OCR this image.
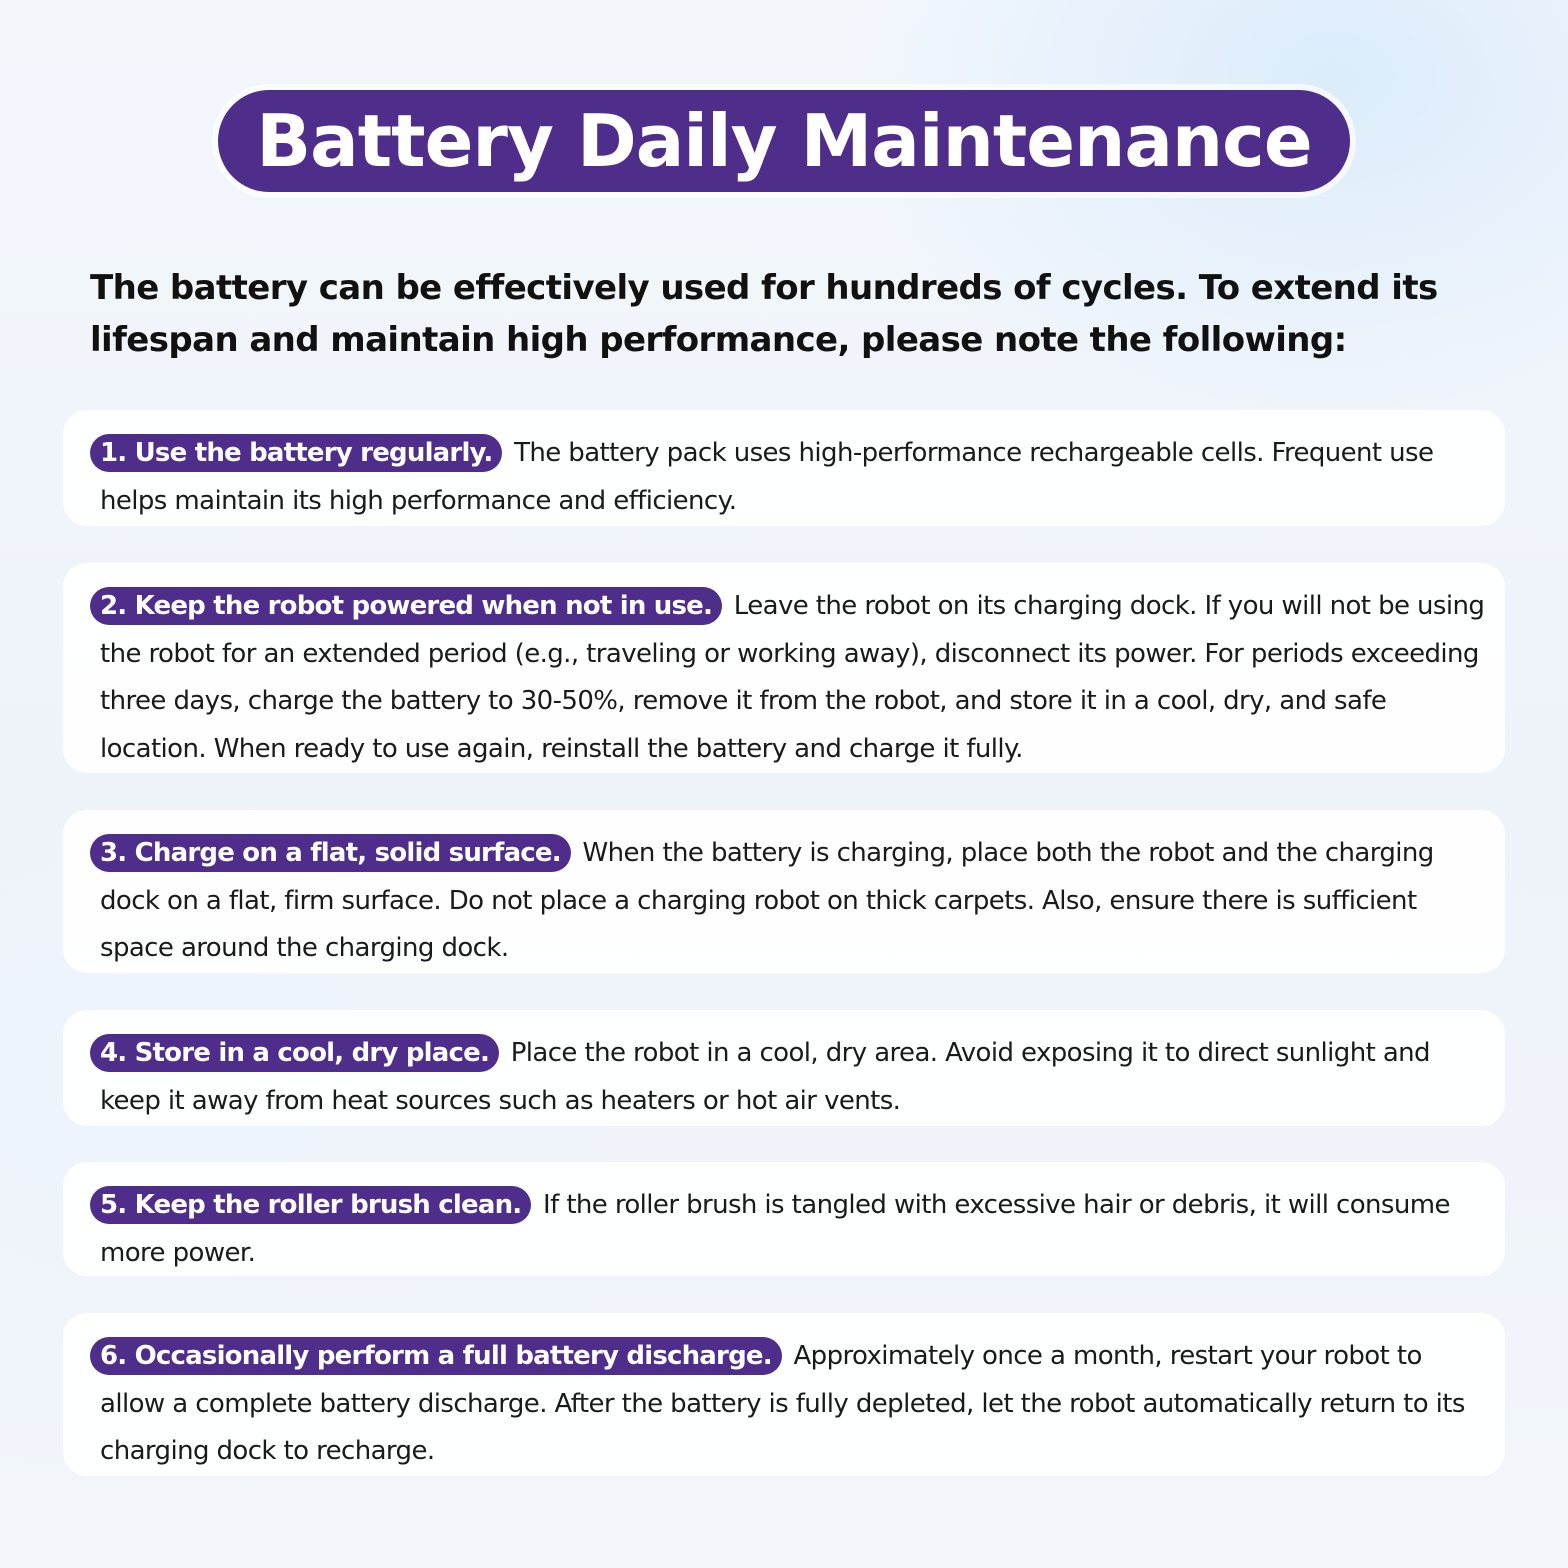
Battery Daily Maintenance
The battery can be effectively used for hundreds of cycles. To extend its lifespan and maintain high performance, please note the following:
1. Use the battery regularly. The battery pack uses high-performance rechargeable cells. Frequent use helps maintain its high performance and efficiency.
2. Keep the robot powered when not in use. Leave the robot on its charging dock. If you will not be using the robot for an extended period (e.g., traveling or working away), disconnect its power. For periods exceeding three days, charge the battery to 30-50%, remove it from the robot, and store it in a cool, dry, and safe location. When ready to use again, reinstall the battery and charge it fully.
3. Charge on a flat, solid surface. When the battery is charging, place both the robot and the charging dock on a flat, firm surface. Do not place a charging robot on thick carpets. Also, ensure there is sufficient space around the charging dock.
4. Store in a cool, dry place. Place the robot in a cool, dry area. Avoid exposing it to direct sunlight and keep it away from heat sources such as heaters or hot air vents.
5. Keep the roller brush clean. If the roller brush is tangled with excessive hair or debris, it will consume more power.
6. Occasionally perform a full battery discharge. Approximately once a month, restart your robot to allow a complete battery discharge. After the battery is fully depleted, let the robot automatically return to its charging dock to recharge.
